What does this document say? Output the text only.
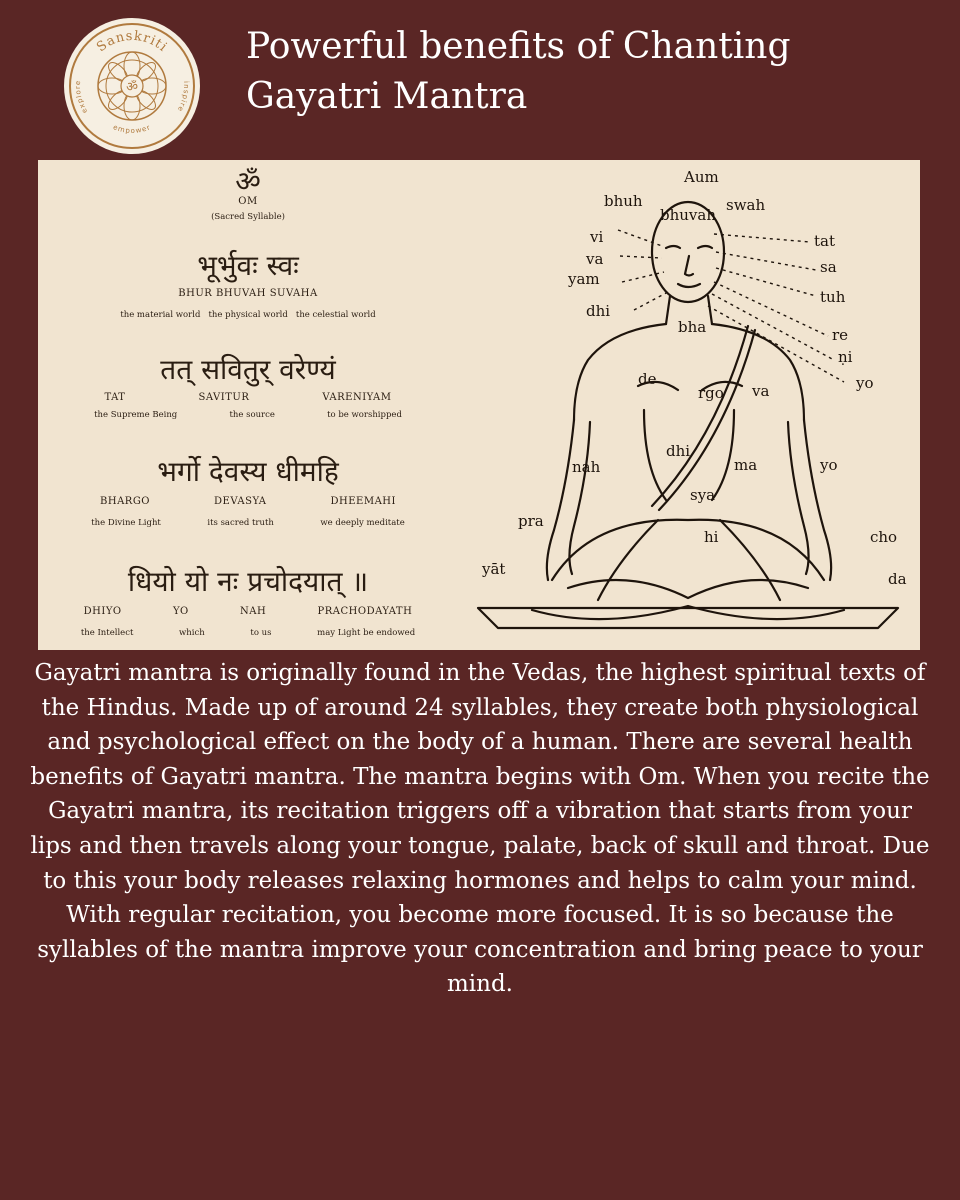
ॐ
Sanskriti
explore	inspire
empower
Powerful benefits of Chanting Gayatri Mantra
ॐ
OM
(Sacred Syllable)
भूर्भुवः स्वः
BHUR BHUVAH SUVAHA
the material world the physical world the celestial world
तत् सवितुर् वरेण्यं
TAT	SAVITUR	VARENIYAM
the Supreme Being	the source	to be worshipped
भर्गो देवस्य धीमहि
BHARGO	DEVASYA	DHEEMAHI
the Divine Light	its sacred truth	we deeply meditate
धियो यो नः प्रचोदयात् ॥
DHIYO	YO	NAH	PRACHODAYATH
the Intellect	which	to us	may Light be endowed
Aum
bhuh
bhuvah
swah
vi
va
yam
dhi
tat
sa
tuh
re
ṇi
yo
bha
de
rgo va
nah
dhi
ma	yo
sya
hi
pra
cho
yāt
da

Gayatri mantra is originally found in the Vedas, the highest spiritual texts of the Hindus. Made up of around 24 syllables, they create both physiological and psychological effect on the body of a human. There are several health benefits of Gayatri mantra. The mantra begins with Om. When you recite the Gayatri mantra, its recitation triggers off a vibration that starts from your lips and then travels along your tongue, palate, back of skull and throat. Due to this your body releases relaxing hormones and helps to calm your mind. With regular recitation, you become more focused. It is so because the syllables of the mantra improve your concentration and bring peace to your mind.
